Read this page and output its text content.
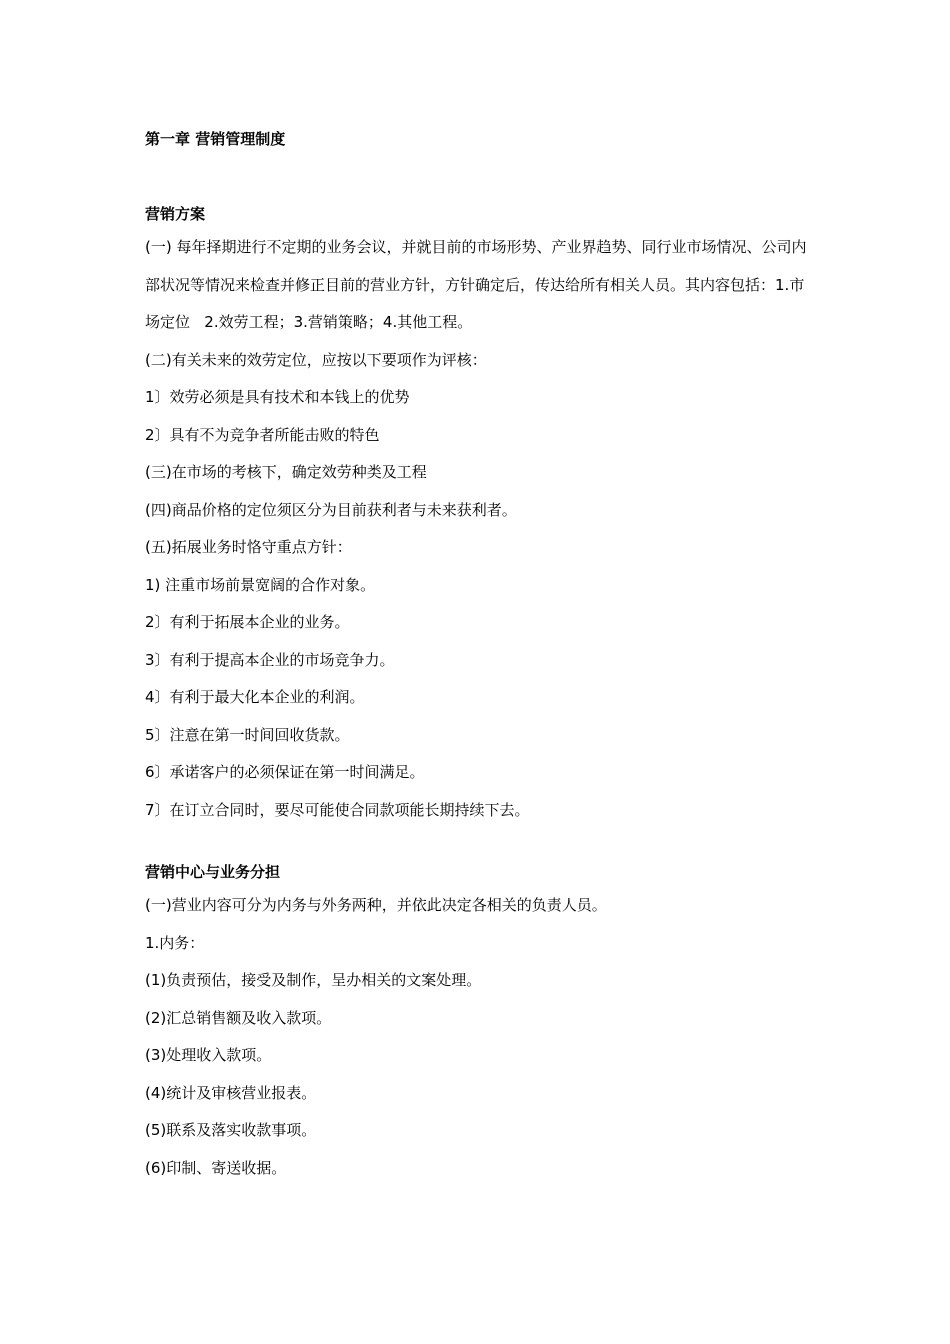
第一章 营销管理制度
营销方案

(一) 每年择期进行不定期的业务会议，并就目前的市场形势、产业界趋势、同行业市场情况、公司内部状况等情况来检查并修正目前的营业方针，方针确定后，传达给所有相关人员。其内容包括：1.市场定位   2.效劳工程；3.营销策略；4.其他工程。

(二)有关未来的效劳定位，应按以下要项作为评核：

1〕效劳必须是具有技术和本钱上的优势

2〕具有不为竞争者所能击败的特色

(三)在市场的考核下，确定效劳种类及工程

(四)商品价格的定位须区分为目前获利者与未来获利者。

(五)拓展业务时恪守重点方针：

1) 注重市场前景宽阔的合作对象。

2〕有利于拓展本企业的业务。

3〕有利于提高本企业的市场竞争力。

4〕有利于最大化本企业的利润。

5〕注意在第一时间回收货款。

6〕承诺客户的必须保证在第一时间满足。

7〕在订立合同时，要尽可能使合同款项能长期持续下去。

营销中心与业务分担

(一)营业内容可分为内务与外务两种，并依此决定各相关的负责人员。

1.内务：

(1)负责预估，接受及制作，呈办相关的文案处理。

(2)汇总销售额及收入款项。

(3)处理收入款项。

(4)统计及审核营业报表。

(5)联系及落实收款事项。

(6)印制、寄送收据。
